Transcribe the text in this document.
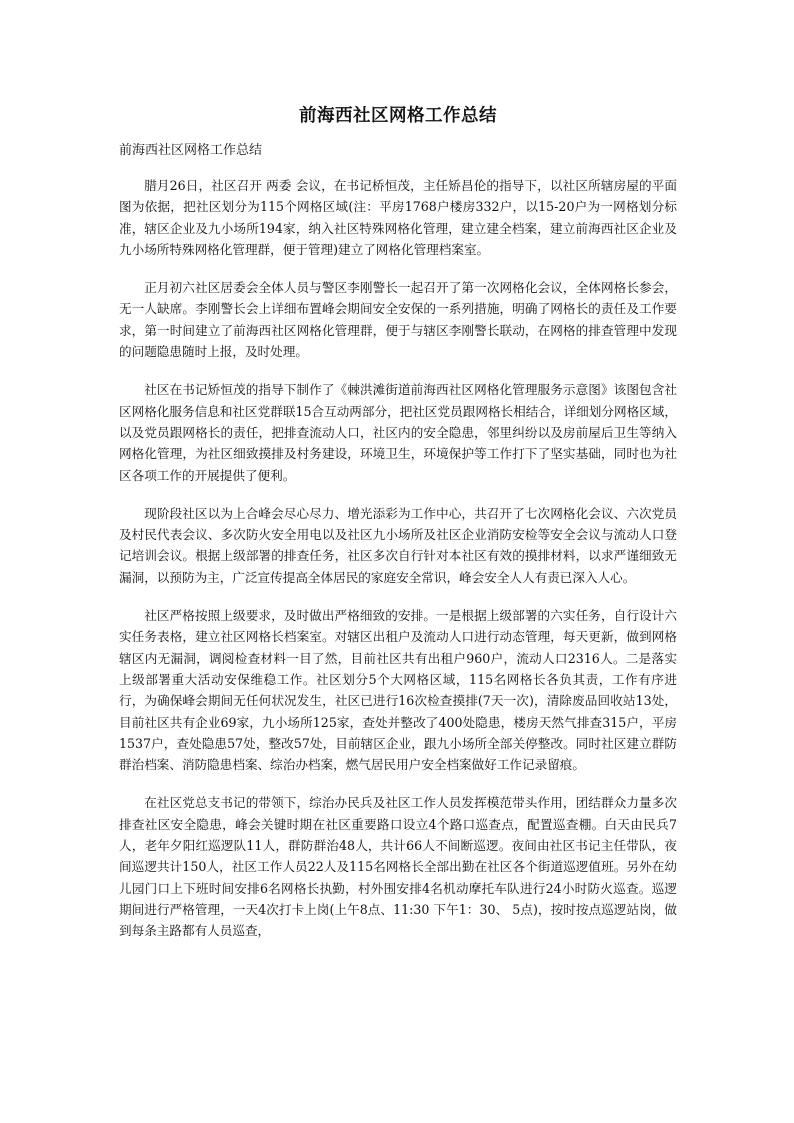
前海西社区网格工作总结

前海西社区网格工作总结

腊月26日，社区召开 两委 会议，在书记桥恒茂，主任矫昌伦的指导下，以社区所辖房屋的平面图为依据，把社区划分为115个网格区域(注：平房1768户楼房332户，以15-20户为一网格划分标准，辖区企业及九小场所194家，纳入社区特殊网格化管理，建立建全档案，建立前海西社区企业及九小场所特殊网格化管理群，便于管理)建立了网格化管理档案室。

正月初六社区居委会全体人员与警区李刚警长一起召开了第一次网格化会议，全体网格长参会，无一人缺席。李刚警长会上详细布置峰会期间安全安保的一系列措施，明确了网格长的责任及工作要求，第一时间建立了前海西社区网格化管理群，便于与辖区李刚警长联动，在网格的排查管理中发现的问题隐患随时上报，及时处理。

社区在书记矫恒茂的指导下制作了《棘洪滩街道前海西社区网格化管理服务示意图》该图包含社区网格化服务信息和社区党群联15合互动两部分，把社区党员跟网格长相结合，详细划分网格区域，以及党员跟网格长的责任，把排查流动人口，社区内的安全隐患，邻里纠纷以及房前屋后卫生等纳入网格化管理，为社区细致摸排及村务建设，环境卫生，环境保护等工作打下了坚实基础，同时也为社区各项工作的开展提供了便利。

现阶段社区以为上合峰会尽心尽力、增光添彩为工作中心，共召开了七次网格化会议、六次党员及村民代表会议、多次防火安全用电以及社区九小场所及社区企业消防安检等安全会议与流动人口登记培训会议。根据上级部署的排查任务，社区多次自行针对本社区有效的摸排材料，以求严谨细致无漏洞，以预防为主，广泛宣传提高全体居民的家庭安全常识，峰会安全人人有责已深入人心。

社区严格按照上级要求，及时做出严格细致的安排。一是根据上级部署的六实任务，自行设计六实任务表格，建立社区网格长档案室。对辖区出租户及流动人口进行动态管理，每天更新，做到网格辖区内无漏洞，调阅检查材料一目了然，目前社区共有出租户960户，流动人口2316人。二是落实上级部署重大活动安保维稳工作。社区划分5个大网格区域，115名网格长各负其责，工作有序进行，为确保峰会期间无任何状况发生，社区已进行16次检查摸排(7天一次)，清除废品回收站13处，目前社区共有企业69家，九小场所125家，查处并整改了400处隐患，楼房天然气排查315户，平房1537户，查处隐患57处，整改57处，目前辖区企业，跟九小场所全部关停整改。同时社区建立群防群治档案、消防隐患档案、综治办档案，燃气居民用户安全档案做好工作记录留痕。

在社区党总支书记的带领下，综治办民兵及社区工作人员发挥模范带头作用，团结群众力量多次排查社区安全隐患，峰会关键时期在社区重要路口设立4个路口巡查点，配置巡查棚。白天由民兵7人，老年夕阳红巡逻队11人，群防群治48人，共计66人不间断巡逻。夜间由社区书记主任带队，夜间巡逻共计150人，社区工作人员22人及115名网格长全部出勤在社区各个街道巡逻值班。另外在幼儿园门口上下班时间安排6名网格长执勤，村外围安排4名机动摩托车队进行24小时防火巡查。巡逻期间进行严格管理，一天4次打卡上岗(上午8点、11:30 下午1：30、 5点)，按时按点巡逻站岗，做到每条主路都有人员巡查，
